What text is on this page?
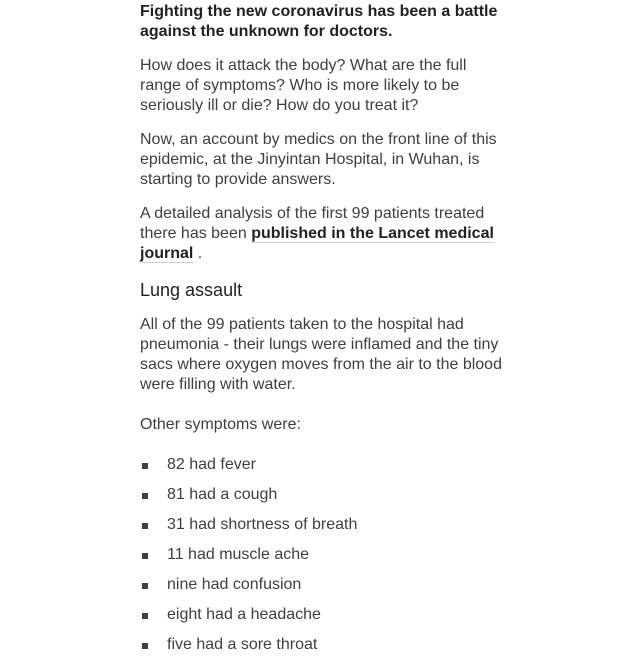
Fighting the new coronavirus has been a battle against the unknown for doctors.

How does it attack the body? What are the full range of symptoms? Who is more likely to be seriously ill or die? How do you treat it?

Now, an account by medics on the front line of this epidemic, at the Jinyintan Hospital, in Wuhan, is starting to provide answers.

A detailed analysis of the first 99 patients treated there has been published in the Lancet medical journal .

Lung assault

All of the 99 patients taken to the hospital had pneumonia - their lungs were inflamed and the tiny sacs where oxygen moves from the air to the blood were filling with water.

Other symptoms were:

82 had fever
81 had a cough
31 had shortness of breath
11 had muscle ache
nine had confusion
eight had a headache
five had a sore throat
